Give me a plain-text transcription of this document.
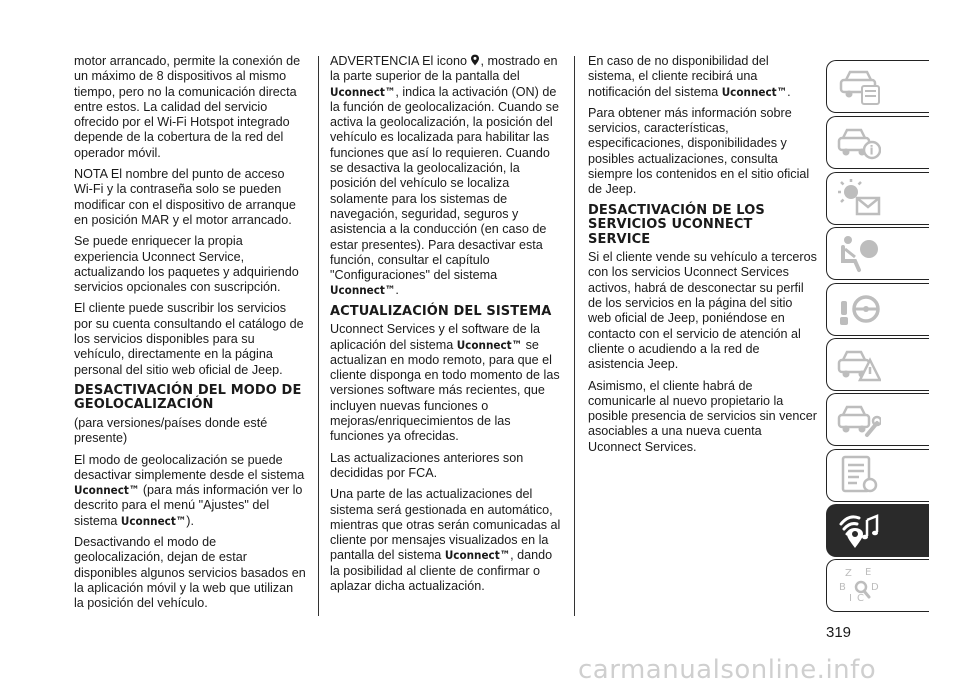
motor arrancado, permite la conexión de un máximo de 8 dispositivos al mismo tiempo, pero no la comunicación directa entre estos. La calidad del servicio ofrecido por el Wi-Fi Hotspot integrado depende de la cobertura de la red del operador móvil.

NOTA El nombre del punto de acceso Wi-Fi y la contraseña solo se pueden modificar con el dispositivo de arranque en posición MAR y el motor arrancado.

Se puede enriquecer la propia experiencia Uconnect Service, actualizando los paquetes y adquiriendo servicios opcionales con suscripción.

El cliente puede suscribir los servicios por su cuenta consultando el catálogo de los servicios disponibles para su vehículo, directamente en la página personal del sitio web oficial de Jeep.

DESACTIVACIÓN DEL MODO DE GEOLOCALIZACIÓN

(para versiones/países donde esté presente)

El modo de geolocalización se puede desactivar simplemente desde el sistema Uconnect™ (para más información ver lo descrito para el menú "Ajustes" del sistema Uconnect™).

Desactivando el modo de geolocalización, dejan de estar disponibles algunos servicios basados en la aplicación móvil y la web que utilizan la posición del vehículo.

ADVERTENCIA El icono , mostrado en la parte superior de la pantalla del Uconnect™, indica la activación (ON) de la función de geolocalización. Cuando se activa la geolocalización, la posición del vehículo es localizada para habilitar las funciones que así lo requieren. Cuando se desactiva la geolocalización, la posición del vehículo se localiza solamente para los sistemas de navegación, seguridad, seguros y asistencia a la conducción (en caso de estar presentes). Para desactivar esta función, consultar el capítulo "Configuraciones" del sistema Uconnect™.

ACTUALIZACIÓN DEL SISTEMA

Uconnect Services y el software de la aplicación del sistema Uconnect™ se actualizan en modo remoto, para que el cliente disponga en todo momento de las versiones software más recientes, que incluyen nuevas funciones o mejoras/enriquecimientos de las funciones ya ofrecidas.

Las actualizaciones anteriores son decididas por FCA.

Una parte de las actualizaciones del sistema será gestionada en automático, mientras que otras serán comunicadas al cliente por mensajes visualizados en la pantalla del sistema Uconnect™, dando la posibilidad al cliente de confirmar o aplazar dicha actualización.

En caso de no disponibilidad del sistema, el cliente recibirá una notificación del sistema Uconnect™.

Para obtener más información sobre servicios, características, especificaciones, disponibilidades y posibles actualizaciones, consulta siempre los contenidos en el sitio oficial de Jeep.

DESACTIVACIÓN DE LOS SERVICIOS UCONNECT SERVICE

Si el cliente vende su vehículo a terceros con los servicios Uconnect Services activos, habrá de desconectar su perfil de los servicios en la página del sitio web oficial de Jeep, poniéndose en contacto con el servicio de atención al cliente o acudiendo a la red de asistencia Jeep.

Asimismo, el cliente habrá de comunicarle al nuevo propietario la posible presencia de servicios sin vencer asociables a una nueva cuenta Uconnect Services.

i
Z E
B	D
I C
319
carmanualsonline.info
